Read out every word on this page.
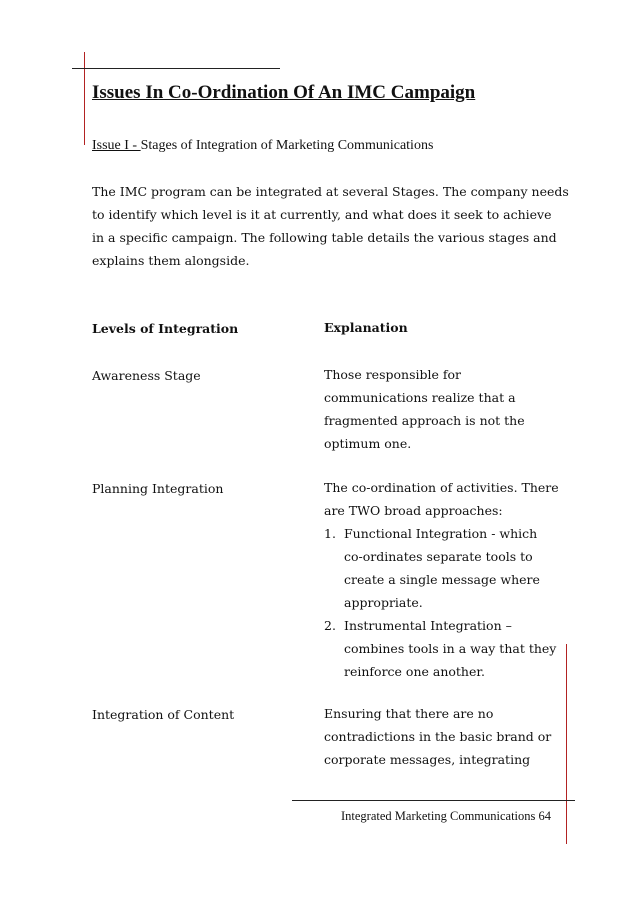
Issues In Co-Ordination Of An IMC Campaign
Issue I - Stages of Integration of Marketing Communications
The IMC program can be integrated at several Stages. The company needs
to identify which level is it at currently, and what does it seek to achieve
in a specific campaign. The following table details the various stages and
explains them alongside.
Levels of Integration	Explanation
Awareness Stage	Those responsible for
communications realize that a
fragmented approach is not the
optimum one.
Planning Integration	The co-ordination of activities. There
are TWO broad approaches:
1. Functional Integration - which
co-ordinates separate tools to
create a single message where
appropriate.
2. Instrumental Integration –
combines tools in a way that they
reinforce one another.
Integration of Content	Ensuring that there are no
contradictions in the basic brand or
corporate messages, integrating
Integrated Marketing Communications 64
